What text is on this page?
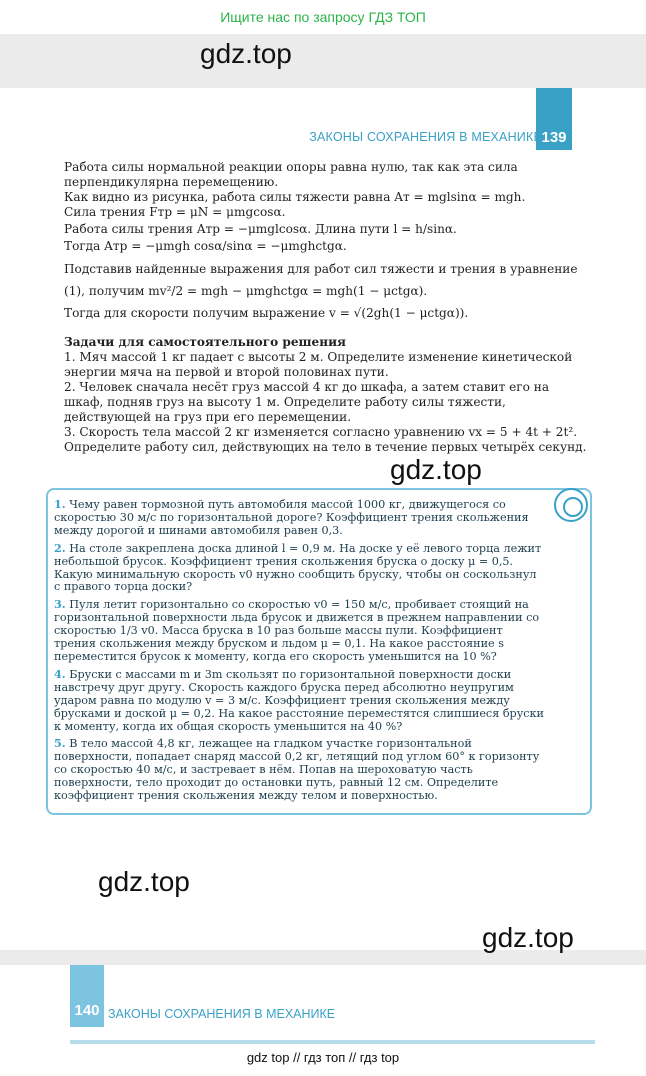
Ищите нас по запросу ГДЗ ТОП
gdz.top
139
ЗАКОНЫ СОХРАНЕНИЯ В МЕХАНИКЕ

Работа силы нормальной реакции опоры равна нулю, так как эта сила перпендикулярна перемещению.

Как видно из рисунка, работа силы тяжести равна Aт = mglsinα = mgh.

Сила трения Fтр = μN = μmgcosα.

Работа силы трения Aтр = −μmglcosα. Длина пути l = h/sinα.

Тогда Aтр = −μmgh cosα/sinα = −μmghctgα.

Подставив найденные выражения для работ сил тяжести и трения в уравнение (1), получим mv²/2 = mgh − μmghctgα = mgh(1 − μctgα).

Тогда для скорости получим выражение v = √(2gh(1 − μctgα)).

Задачи для самостоятельного решения

1. Мяч массой 1 кг падает с высоты 2 м. Определите изменение кинетической энергии мяча на первой и второй половинах пути.

2. Человек сначала несёт груз массой 4 кг до шкафа, а затем ставит его на шкаф, подняв груз на высоту 1 м. Определите работу силы тяжести, действующей на груз при его перемещении.

3. Скорость тела массой 2 кг изменяется согласно уравнению vx = 5 + 4t + 2t². Определите работу сил, действующих на тело в течение первых четырёх секунд.

gdz.top

1. Чему равен тормозной путь автомобиля массой 1000 кг, движущегося со скоростью 30 м/с по горизонтальной дороге? Коэффициент трения скольжения между дорогой и шинами автомобиля равен 0,3.

2. На столе закреплена доска длиной l = 0,9 м. На доске у её левого торца лежит небольшой брусок. Коэффициент трения скольжения бруска о доску μ = 0,5. Какую минимальную скорость v0 нужно сообщить бруску, чтобы он соскользнул с правого торца доски?

3. Пуля летит горизонтально со скоростью v0 = 150 м/с, пробивает стоящий на горизонтальной поверхности льда брусок и движется в прежнем направлении со скоростью 1/3 v0. Масса бруска в 10 раз больше массы пули. Коэффициент трения скольжения между бруском и льдом μ = 0,1. На какое расстояние s переместится брусок к моменту, когда его скорость уменьшится на 10 %?

4. Бруски с массами m и 3m скользят по горизонтальной поверхности доски навстречу друг другу. Скорость каждого бруска перед абсолютно неупругим ударом равна по модулю v = 3 м/с. Коэффициент трения скольжения между брусками и доской μ = 0,2. На какое расстояние переместятся слипшиеся бруски к моменту, когда их общая скорость уменьшится на 40 %?

5. В тело массой 4,8 кг, лежащее на гладком участке горизонтальной поверхности, попадает снаряд массой 0,2 кг, летящий под углом 60° к горизонту со скоростью 40 м/с, и застревает в нём. Попав на шероховатую часть поверхности, тело проходит до остановки путь, равный 12 см. Определите коэффициент трения скольжения между телом и поверхностью.

gdz.top
gdz.top
140 ЗАКОНЫ СОХРАНЕНИЯ В МЕХАНИКЕ
gdz top // гдз топ // гдз top
